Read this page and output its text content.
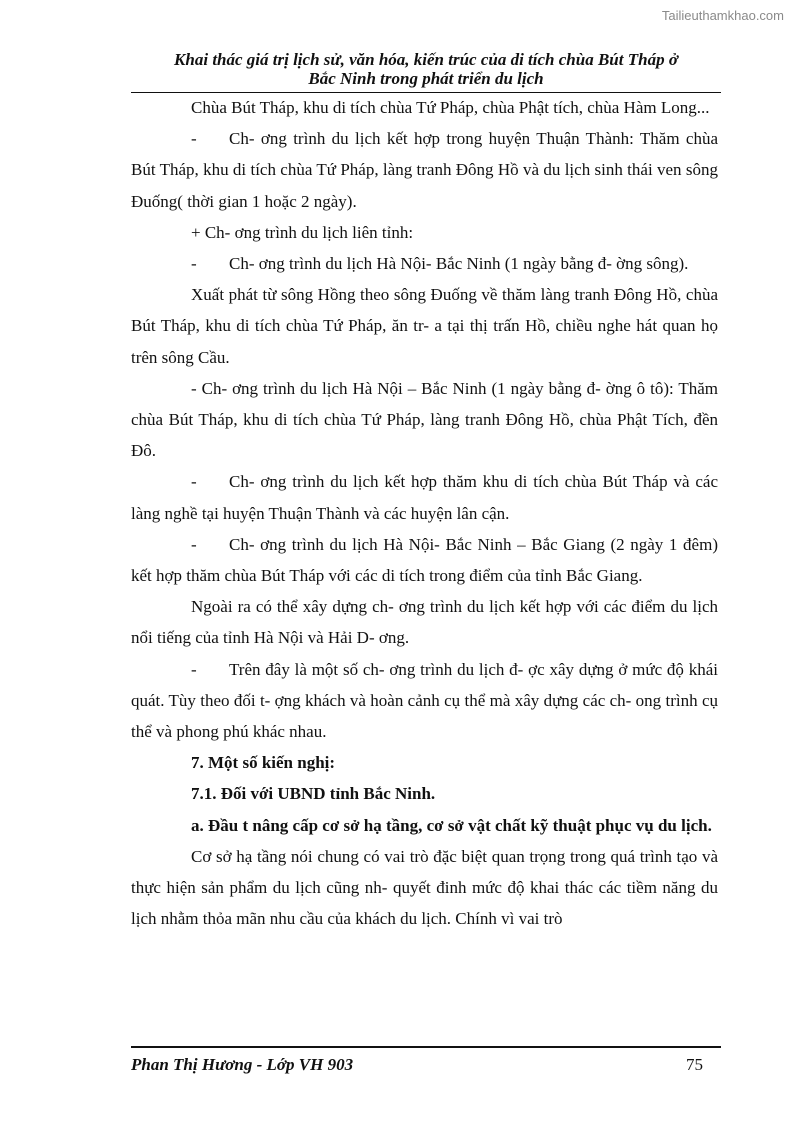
Tailieuthamkhao.com
Khai thác giá trị lịch sử, văn hóa, kiến trúc của di tích chùa Bút Tháp ở
Bắc Ninh trong phát triển du lịch

Chùa Bút Tháp, khu di tích chùa Tứ Pháp, chùa Phật tích, chùa Hàm Long...

- Ch- ơng trình du lịch kết hợp trong huyện Thuận Thành: Thăm chùa Bút Tháp, khu di tích chùa Tứ Pháp, làng tranh Đông Hồ và du lịch sinh thái ven sông Đuống( thời gian 1 hoặc 2 ngày).

+ Ch- ơng trình du lịch liên tỉnh:

- Ch- ơng trình du lịch Hà Nội- Bắc Ninh (1 ngày bằng đ- ờng sông).

Xuất phát từ sông Hồng theo sông Đuống về thăm làng tranh Đông Hồ, chùa Bút Tháp, khu di tích chùa Tứ Pháp, ăn tr- a tại thị trấn Hồ, chiều nghe hát quan họ trên sông Cầu.

- Ch- ơng trình du lịch Hà Nội – Bắc Ninh (1 ngày bằng đ- ờng ô tô): Thăm chùa Bút Tháp, khu di tích chùa Tứ Pháp, làng tranh Đông Hồ, chùa Phật Tích, đền Đô.

- Ch- ơng trình du lịch kết hợp thăm khu di tích chùa Bút Tháp và các làng nghề tại huyện Thuận Thành và các huyện lân cận.

- Ch- ơng trình du lịch Hà Nội- Bắc Ninh – Bắc Giang (2 ngày 1 đêm) kết hợp thăm chùa Bút Tháp với các di tích trong điểm của tỉnh Bắc Giang.

Ngoài ra có thể xây dựng ch- ơng trình du lịch kết hợp với các điểm du lịch nổi tiếng của tỉnh Hà Nội và Hải D- ơng.

- Trên đây là một số ch- ơng trình du lịch đ- ợc xây dựng ở mức độ khái quát. Tùy theo đối t- ợng khách và hoàn cảnh cụ thể mà xây dựng các ch- ong trình cụ thể và phong phú khác nhau.

7. Một số kiến nghị:

7.1. Đối với UBND tỉnh Bắc Ninh.

a. Đầu t nâng cấp cơ sở hạ tầng, cơ sở vật chất kỹ thuật phục vụ du lịch.

Cơ sở hạ tầng nói chung có vai trò đặc biệt quan trọng trong quá trình tạo và thực hiện sản phẩm du lịch cũng nh- quyết đinh mức độ khai thác các tiềm năng du lịch nhằm thỏa mãn nhu cầu của khách du lịch. Chính vì vai trò

Phan Thị Hương - Lớp VH 903	75
